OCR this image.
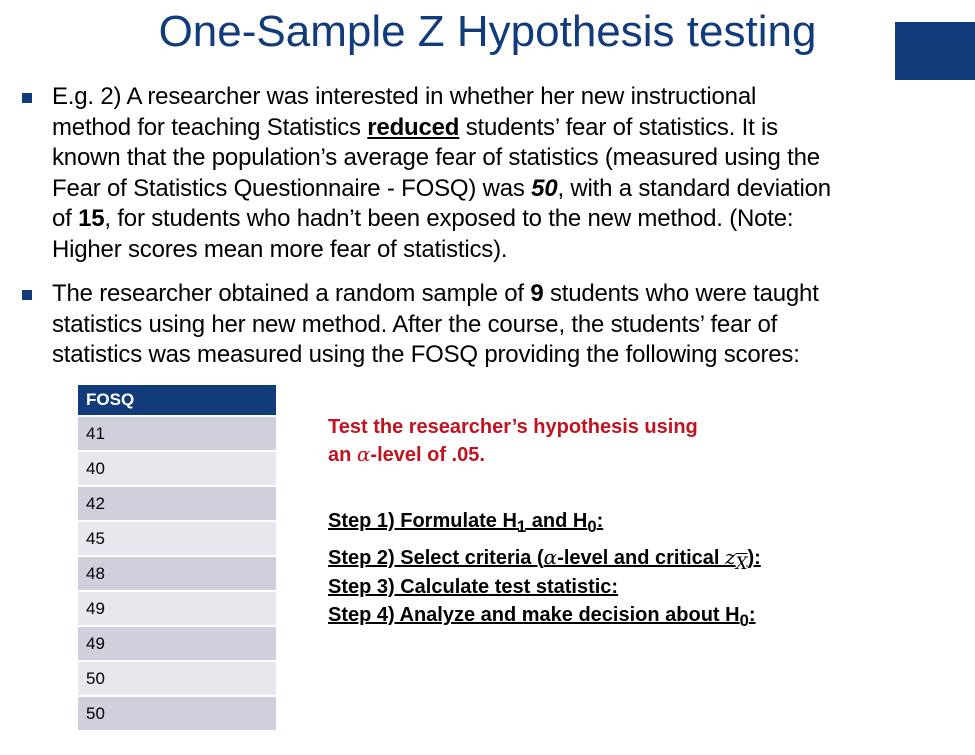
One-Sample Z Hypothesis testing
E.g. 2) A researcher was interested in whether her new instructional
method for teaching Statistics reduced students’ fear of statistics. It is
known that the population’s average fear of statistics (measured using the
Fear of Statistics Questionnaire - FOSQ) was 50, with a standard deviation
of 15, for students who hadn’t been exposed to the new method. (Note:
Higher scores mean more fear of statistics).
The researcher obtained a random sample of 9 students who were taught
statistics using her new method. After the course, the students’ fear of
statistics was measured using the FOSQ providing the following scores:
FOSQ
41
40
42
45
48
49
49
50
50
Test the researcher’s hypothesis using
an α-level of .05.
Step 1) Formulate $H_1$ and $H_0$:
Step 2) Select criteria (α-level and critical $z_X$):
Step 3) Calculate test statistic:
Step 4) Analyze and make decision about $H_0$:
